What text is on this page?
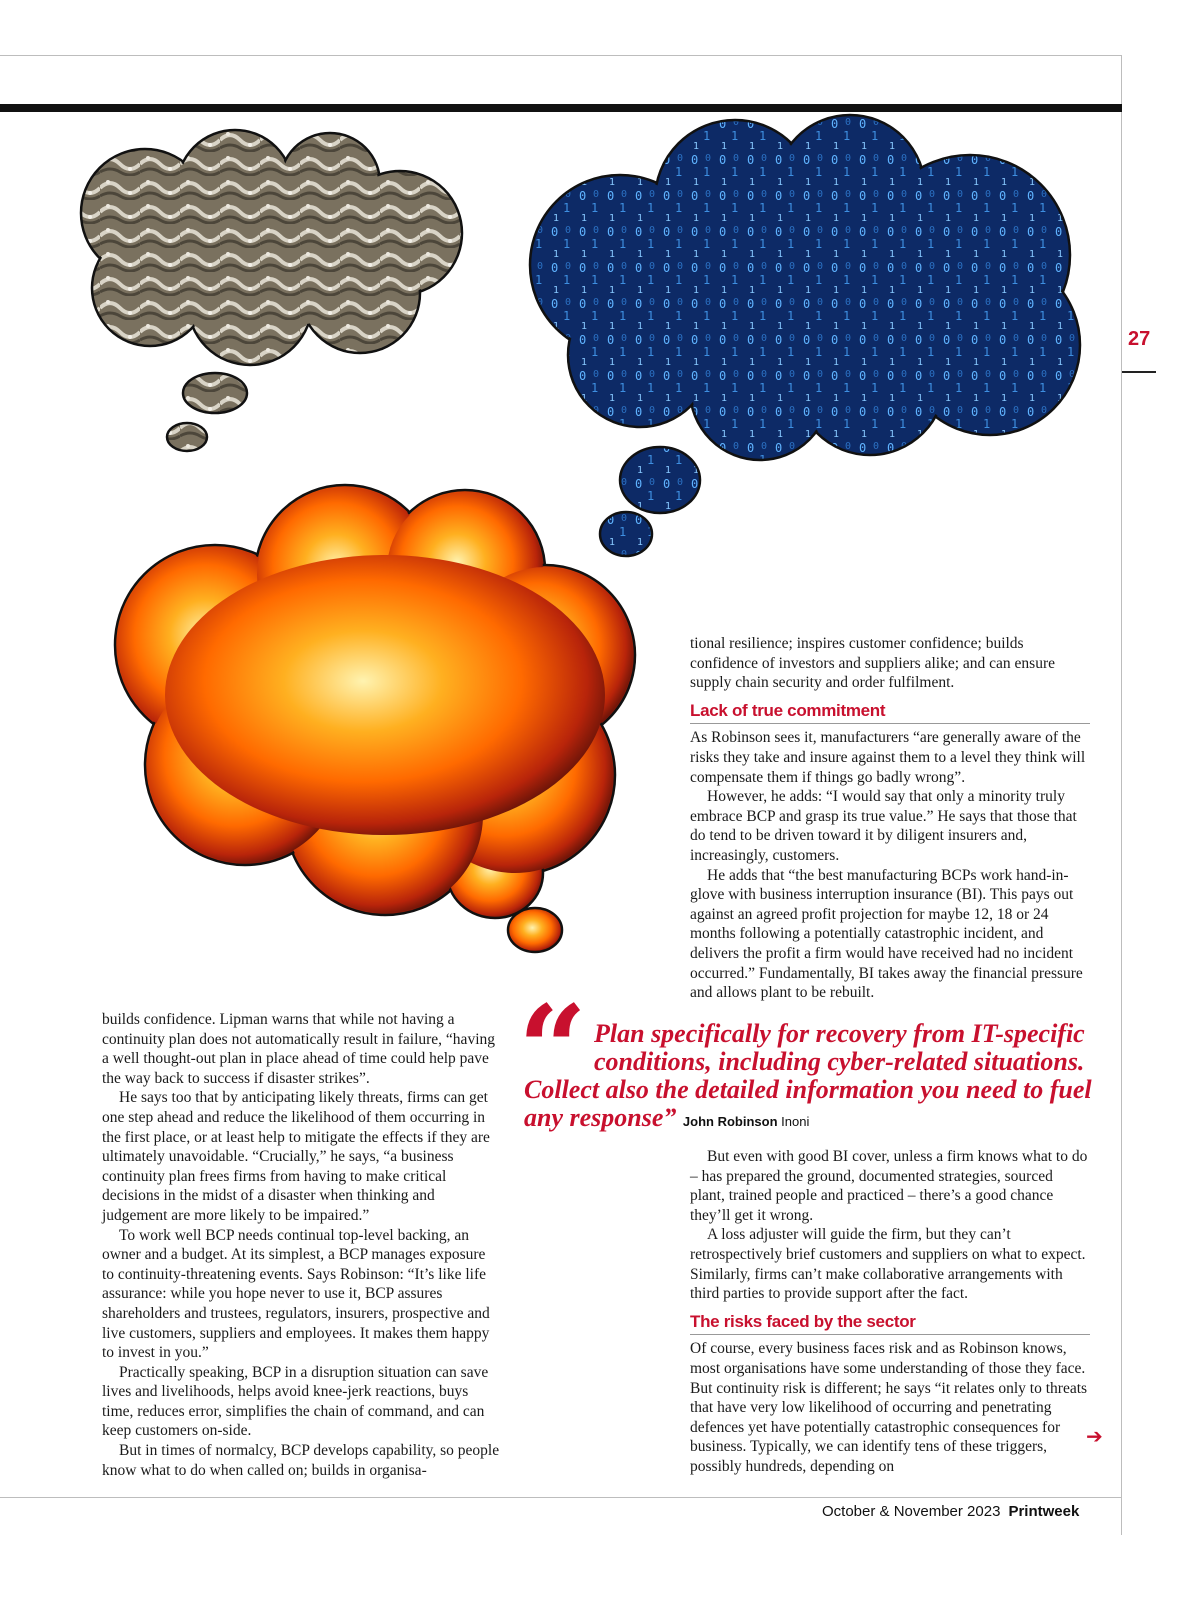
27

tional resilience; inspires customer confidence; builds confidence of investors and suppliers alike; and can ensure supply chain security and order fulfilment.

Lack of true commitment

As Robinson sees it, manufacturers “are generally aware of the risks they take and insure against them to a level they think will compensate them if things go badly wrong”.

However, he adds: “I would say that only a minority truly embrace BCP and grasp its true value.” He says that those that do tend to be driven toward it by diligent insurers and, increasingly, customers.

He adds that “the best manufacturing BCPs work hand-in-glove with business interruption insurance (BI). This pays out against an agreed profit projection for maybe 12, 18 or 24 months following a potentially catastrophic incident, and delivers the profit a firm would have received had no incident occurred.” Fundamentally, BI takes away the financial pressure and allows plant to be rebuilt.

builds confidence. Lipman warns that while not having a continuity plan does not automatically result in failure, “having a well thought-out plan in place ahead of time could help pave the way back to success if disaster strikes”.

He says too that by anticipating likely threats, firms can get one step ahead and reduce the likelihood of them occurring in the first place, or at least help to mitigate the effects if they are ultimately unavoidable. “Crucially,” he says, “a business continuity plan frees firms from having to make critical decisions in the midst of a disaster when thinking and judgement are more likely to be impaired.”

To work well BCP needs continual top-level backing, an owner and a budget. At its simplest, a BCP manages exposure to continuity-threatening events. Says Robinson: “It’s like life assurance: while you hope never to use it, BCP assures shareholders and trustees, regulators, insurers, prospective and live customers, suppliers and employees. It makes them happy to invest in you.”

Practically speaking, BCP in a disruption situation can save lives and livelihoods, helps avoid knee-jerk reactions, buys time, reduces error, simplifies the chain of command, and can keep customers on-side.

But in times of normalcy, BCP develops capability, so people know what to do when called on; builds in organisa-

“ Plan specifically for recovery from IT-specific
conditions, including cyber-related situations.
Collect also the detailed information you need to fuel
any response” John Robinson Inoni

But even with good BI cover, unless a firm knows what to do – has prepared the ground, documented strategies, sourced plant, trained people and practiced – there’s a good chance they’ll get it wrong.

A loss adjuster will guide the firm, but they can’t retrospectively brief customers and suppliers on what to expect. Similarly, firms can’t make collaborative arrangements with third parties to provide support after the fact.

The risks faced by the sector

Of course, every business faces risk and as Robinson knows, most organisations have some understanding of those they face. But continuity risk is different; he says “it relates only to threats that have very low likelihood of occurring and penetrating defences yet have potentially catastrophic consequences for business. Typically, we can identify tens of these triggers, possibly hundreds, depending on

➔
October & November 2023 Printweek
